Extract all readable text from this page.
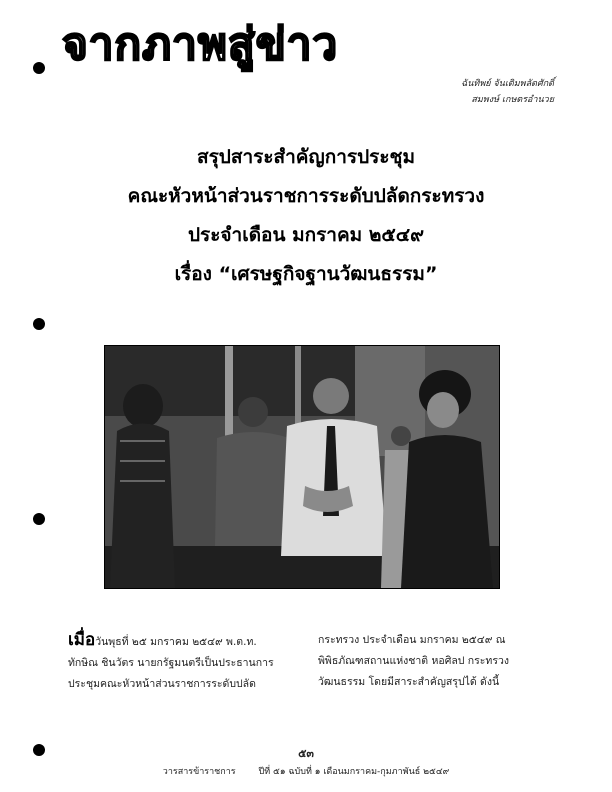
จากภาพสู่ข่าว
ฉันทิพย์ จันเติมพลัดศักดิ์
สมพงษ์ เกษตรอำนวย
สรุปสาระสำคัญการประชุม
คณะหัวหน้าส่วนราชการระดับปลัดกระทรวง
ประจำเดือน มกราคม ๒๕๔๙
เรื่อง “เศรษฐกิจฐานวัฒนธรรม”
เมื่อวันพุธที่ ๒๕ มกราคม ๒๕๔๙ พ.ต.ท.
ทักษิณ ชินวัตร นายกรัฐมนตรีเป็นประธานการ
ประชุมคณะหัวหน้าส่วนราชการระดับปลัด
กระทรวง ประจำเดือน มกราคม ๒๕๔๙ ณ
พิพิธภัณฑสถานแห่งชาติ หอศิลป กระทรวง
วัฒนธรรม โดยมีสาระสำคัญสรุปได้ ดังนี้
๕๓
วารสารข้าราชการ	ปีที่ ๕๑ ฉบับที่ ๑ เดือนมกราคม-กุมภาพันธ์ ๒๕๔๙
